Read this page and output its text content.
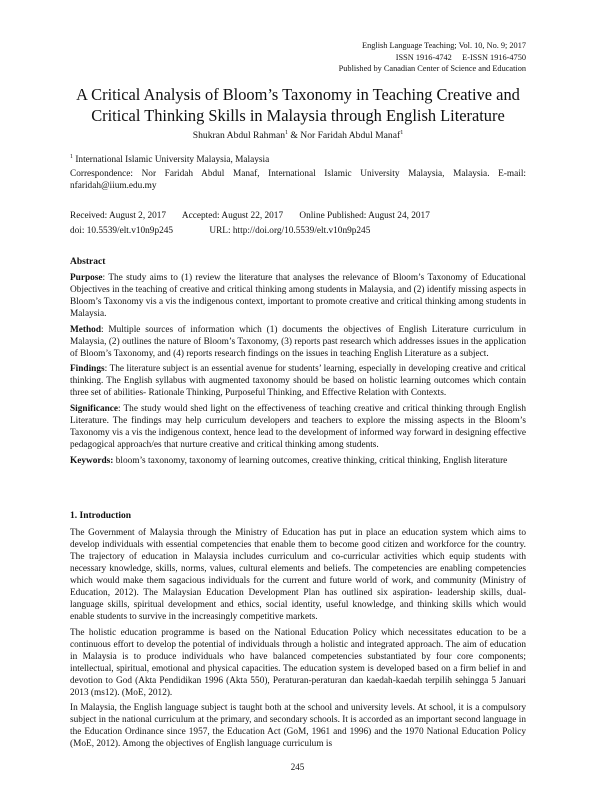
English Language Teaching; Vol. 10, No. 9; 2017
ISSN 1916-4742     E-ISSN 1916-4750
Published by Canadian Center of Science and Education
A Critical Analysis of Bloom’s Taxonomy in Teaching Creative and
Critical Thinking Skills in Malaysia through English Literature
Shukran Abdul Rahman$^1$ & Nor Faridah Abdul Manaf$^1$
$^1$ International Islamic University Malaysia, Malaysia
Correspondence: Nor Faridah Abdul Manaf, International Islamic University Malaysia, Malaysia. E-mail: nfaridah@iium.edu.my
Received: August 2, 2017 Accepted: August 22, 2017 Online Published: August 24, 2017
doi: 10.5539/elt.v10n9p245	URL: http://doi.org/10.5539/elt.v10n9p245
Abstract

Purpose: The study aims to (1) review the literature that analyses the relevance of Bloom’s Taxonomy of Educational Objectives in the teaching of creative and critical thinking among students in Malaysia, and (2) identify missing aspects in Bloom’s Taxonomy vis a vis the indigenous context, important to promote creative and critical thinking among students in Malaysia.

Method: Multiple sources of information which (1) documents the objectives of English Literature curriculum in Malaysia, (2) outlines the nature of Bloom’s Taxonomy, (3) reports past research which addresses issues in the application of Bloom’s Taxonomy, and (4) reports research findings on the issues in teaching English Literature as a subject.

Findings: The literature subject is an essential avenue for students’ learning, especially in developing creative and critical thinking. The English syllabus with augmented taxonomy should be based on holistic learning outcomes which contain three set of abilities- Rationale Thinking, Purposeful Thinking, and Effective Relation with Contexts.

Significance: The study would shed light on the effectiveness of teaching creative and critical thinking through English Literature. The findings may help curriculum developers and teachers to explore the missing aspects in the Bloom’s Taxonomy vis a vis the indigenous context, hence lead to the development of informed way forward in designing effective pedagogical approach/es that nurture creative and critical thinking among students.

Keywords: bloom’s taxonomy, taxonomy of learning outcomes, creative thinking, critical thinking, English literature

1. Introduction

The Government of Malaysia through the Ministry of Education has put in place an education system which aims to develop individuals with essential competencies that enable them to become good citizen and workforce for the country. The trajectory of education in Malaysia includes curriculum and co-curricular activities which equip students with necessary knowledge, skills, norms, values, cultural elements and beliefs. The competencies are enabling competencies which would make them sagacious individuals for the current and future world of work, and community (Ministry of Education, 2012). The Malaysian Education Development Plan has outlined six aspiration- leadership skills, dual-language skills, spiritual development and ethics, social identity, useful knowledge, and thinking skills which would enable students to survive in the increasingly competitive markets.

The holistic education programme is based on the National Education Policy which necessitates education to be a continuous effort to develop the potential of individuals through a holistic and integrated approach. The aim of education in Malaysia is to produce individuals who have balanced competencies substantiated by four core components; intellectual, spiritual, emotional and physical capacities. The education system is developed based on a firm belief in and devotion to God (Akta Pendidikan 1996 (Akta 550), Peraturan-peraturan dan kaedah-kaedah terpilih sehingga 5 Januari 2013 (ms12). (MoE, 2012).

In Malaysia, the English language subject is taught both at the school and university levels. At school, it is a compulsory subject in the national curriculum at the primary, and secondary schools. It is accorded as an important second language in the Education Ordinance since 1957, the Education Act (GoM, 1961 and 1996) and the 1970 National Education Policy (MoE, 2012). Among the objectives of English language curriculum is

245
